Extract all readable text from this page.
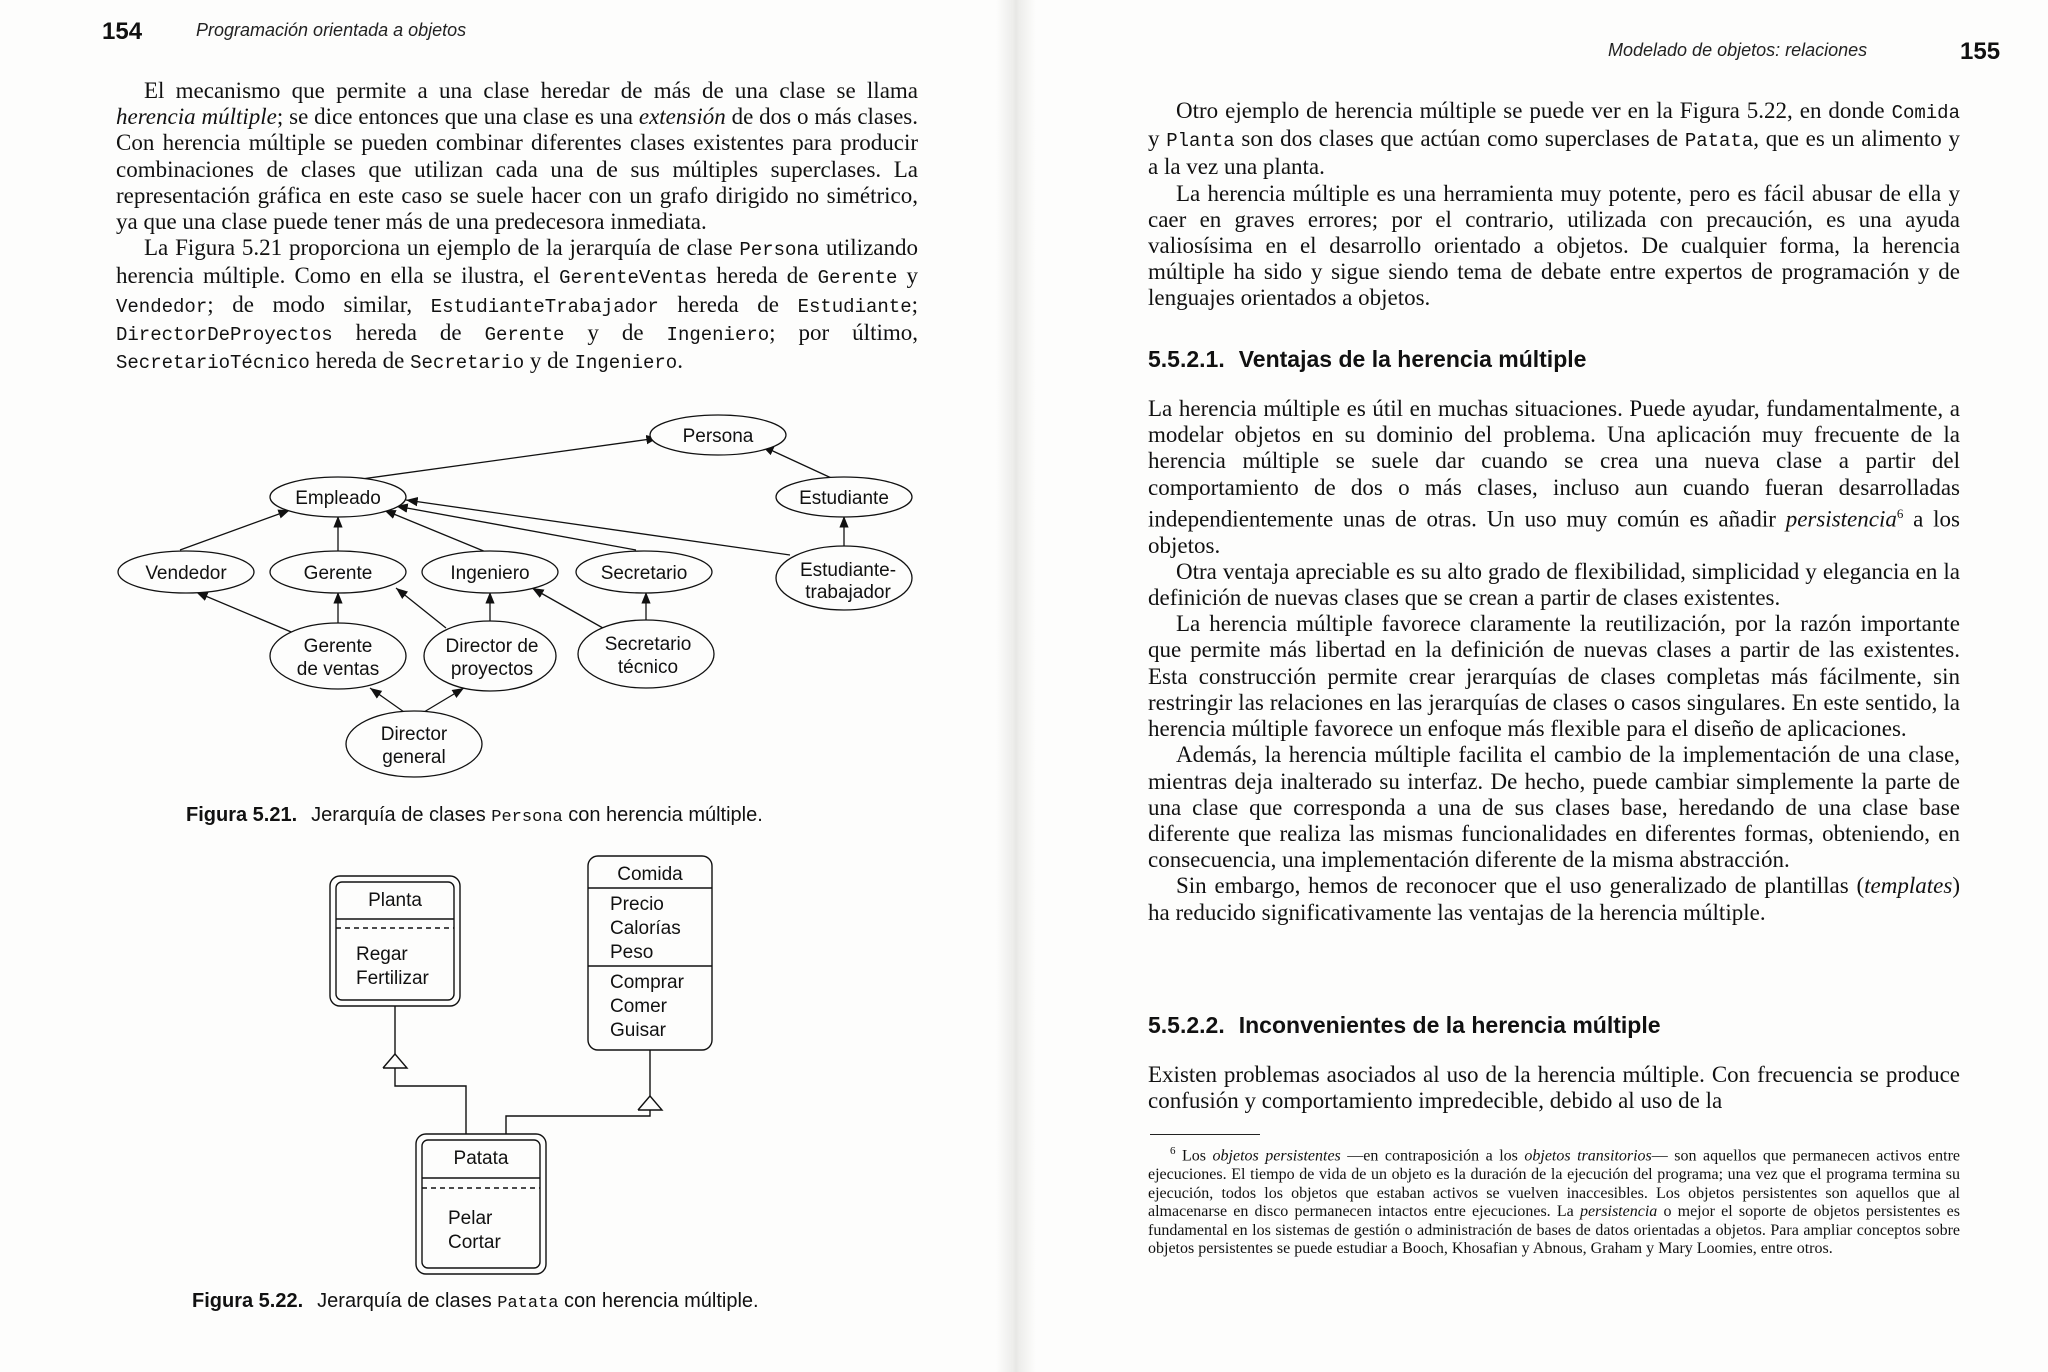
154	Programación orientada a objetos

El mecanismo que permite a una clase heredar de más de una clase se llama herencia múltiple; se dice entonces que una clase es una extensión de dos o más clases. Con herencia múltiple se pueden combinar diferentes clases existentes para producir combinaciones de clases que utilizan cada una de sus múltiples superclases. La representación gráfica en este caso se suele hacer con un grafo dirigido no simétrico, ya que una clase puede tener más de una predecesora inmediata.

La Figura 5.21 proporciona un ejemplo de la jerarquía de clase Persona utilizando herencia múltiple. Como en ella se ilustra, el GerenteVentas hereda de Gerente y Vendedor; de modo similar, EstudianteTrabajador hereda de Estudiante; DirectorDeProyectos hereda de Gerente y de Ingeniero; por último, SecretarioTécnico hereda de Secretario y de Ingeniero.

Persona
Empleado	Estudiante
Vendedor	Gerente	Ingeniero	Secretario	Estudiante-
trabajador
Gerente
de ventas
Director de
proyectos
Secretario
técnico
Director
general
Figura 5.21. Jerarquía de clases Persona con herencia múltiple.
Planta
Regar
Fertilizar
Comida
Precio
Calorías
Peso
Comprar
Comer
Guisar
Patata
Pelar
Cortar
Figura 5.22. Jerarquía de clases Patata con herencia múltiple.
Modelado de objetos: relaciones	155

Otro ejemplo de herencia múltiple se puede ver en la Figura 5.22, en donde Comida y Planta son dos clases que actúan como superclases de Patata, que es un alimento y a la vez una planta.

La herencia múltiple es una herramienta muy potente, pero es fácil abusar de ella y caer en graves errores; por el contrario, utilizada con precaución, es una ayuda valiosísima en el desarrollo orientado a objetos. De cualquier forma, la herencia múltiple ha sido y sigue siendo tema de debate entre expertos de programación y de lenguajes orientados a objetos.

5.5.2.1. Ventajas de la herencia múltiple

La herencia múltiple es útil en muchas situaciones. Puede ayudar, fundamentalmente, a modelar objetos en su dominio del problema. Una aplicación muy frecuente de la herencia múltiple se suele dar cuando se crea una nueva clase a partir del comportamiento de dos o más clases, incluso aun cuando fueran desarrolladas independientemente unas de otras. Un uso muy común es añadir persistencia$^6$ a los objetos.

Otra ventaja apreciable es su alto grado de flexibilidad, simplicidad y elegancia en la definición de nuevas clases que se crean a partir de clases existentes.

La herencia múltiple favorece claramente la reutilización, por la razón importante que permite más libertad en la definición de nuevas clases a partir de las existentes. Esta construcción permite crear jerarquías de clases completas más fácilmente, sin restringir las relaciones en las jerarquías de clases o casos singulares. En este sentido, la herencia múltiple favorece un enfoque más flexible para el diseño de aplicaciones.

Además, la herencia múltiple facilita el cambio de la implementación de una clase, mientras deja inalterado su interfaz. De hecho, puede cambiar simplemente la parte de una clase que corresponda a una de sus clases base, heredando de una clase base diferente que realiza las mismas funcionalidades en diferentes formas, obteniendo, en consecuencia, una implementación diferente de la misma abstracción.

Sin embargo, hemos de reconocer que el uso generalizado de plantillas (templates) ha reducido significativamente las ventajas de la herencia múltiple.

5.5.2.2. Inconvenientes de la herencia múltiple

Existen problemas asociados al uso de la herencia múltiple. Con frecuencia se produce confusión y comportamiento impredecible, debido al uso de la

$^6$ Los objetos persistentes —en contraposición a los objetos transitorios— son aquellos que permanecen activos entre ejecuciones. El tiempo de vida de un objeto es la duración de la ejecución del programa; una vez que el programa termina su ejecución, todos los objetos que estaban activos se vuelven inaccesibles. Los objetos persistentes son aquellos que al almacenarse en disco permanecen intactos entre ejecuciones. La persistencia o mejor el soporte de objetos persistentes es fundamental en los sistemas de gestión o administración de bases de datos orientadas a objetos. Para ampliar conceptos sobre objetos persistentes se puede estudiar a Booch, Khosafian y Abnous, Graham y Mary Loomies, entre otros.
